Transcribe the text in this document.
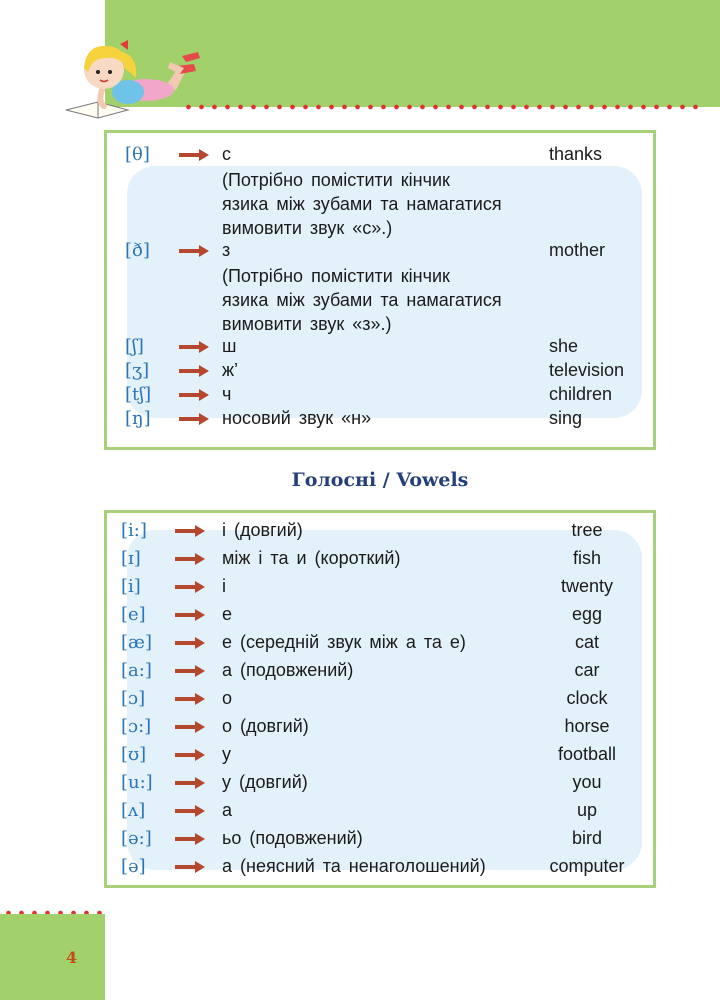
[θ]	с	thanks
(Потрібно помістити кінчик
язика між зубами та намагатися
вимовити звук «с».)
[ð]	з	mother
(Потрібно помістити кінчик
язика між зубами та намагатися
вимовити звук «з».)
[ʃ]	ш	she
[ʒ]	ж’	television
[tʃ]	ч	children
[ŋ]	носовий звук «н»	sing
Голосні / Vowels
[i:]	і (довгий)	tree
[ɪ]	між і та и (короткий)	fish
[i]	і	twenty
[e]	е	egg
[æ]	е (середній звук між а та е)	cat
[a:]	а (подовжений)	car
[ɔ]	о	clock
[ɔ:]	о (довгий)	horse
[ʊ]	у	football
[u:]	у (довгий)	you
[ʌ]	а	up
[ə:]	ьо (подовжений)	bird
[ə]	а (неясний та ненаголошений)	computer
4
